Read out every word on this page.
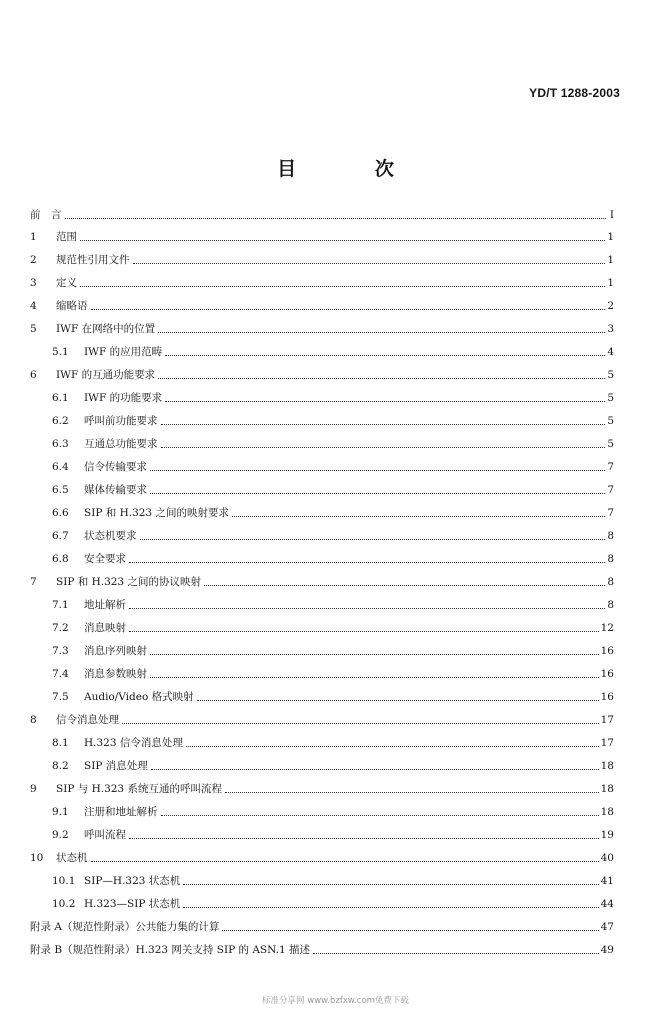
YD/T 1288-2003
目	次
前　言	I
1	范围	1
2	规范性引用文件	1
3	定义	1
4	缩略语	2
5	IWF 在网络中的位置	3
5.1	IWF 的应用范畴	4
6	IWF 的互通功能要求	5
6.1	IWF 的功能要求	5
6.2	呼叫前功能要求	5
6.3	互通总功能要求	5
6.4	信令传输要求	7
6.5	媒体传输要求	7
6.6	SIP 和 H.323 之间的映射要求	7
6.7	状态机要求	8
6.8	安全要求	8
7	SIP 和 H.323 之间的协议映射	8
7.1	地址解析	8
7.2	消息映射	12
7.3	消息序列映射	16
7.4	消息参数映射	16
7.5	Audio/Video 格式映射	16
8	信令消息处理	17
8.1	H.323 信令消息处理	17
8.2	SIP 消息处理	18
9	SIP 与 H.323 系统互通的呼叫流程	18
9.1	注册和地址解析	18
9.2	呼叫流程	19
10	状态机	40
10.1 SIP—H.323 状态机	41
10.2 H.323—SIP 状态机	44
附录 A（规范性附录） 公共能力集的计算	47
附录 B（规范性附录） H.323 网关支持 SIP 的 ASN.1 描述	49
标准分享网 www.bzfxw.com免费下载
